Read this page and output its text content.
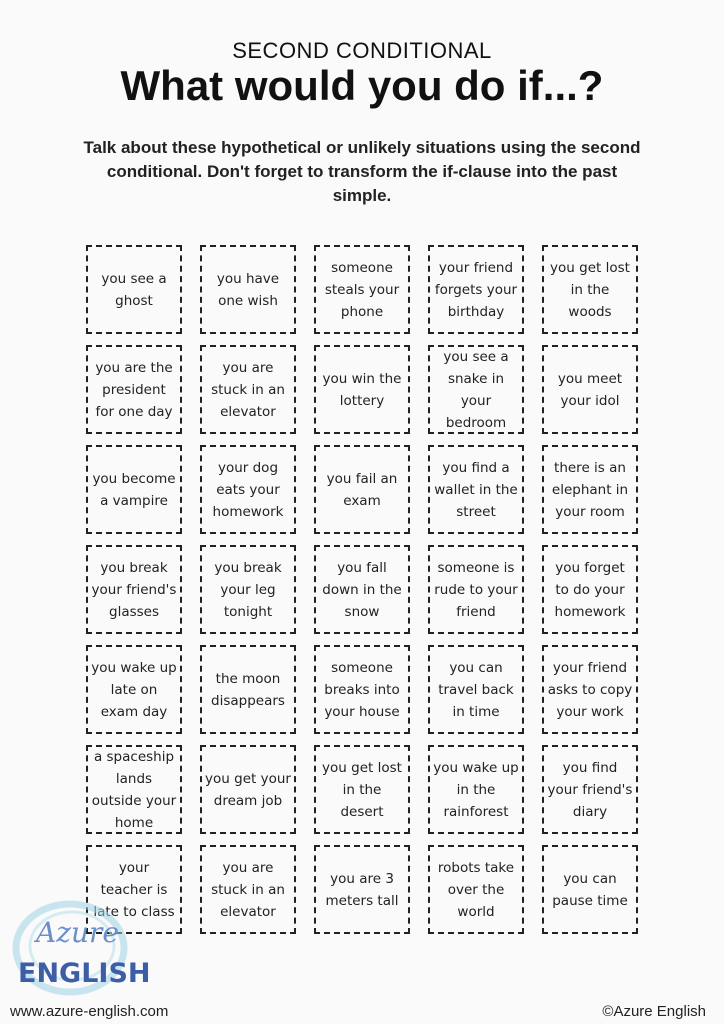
SECOND CONDITIONAL
What would you do if...?
Talk about these hypothetical or unlikely situations using the second conditional. Don't forget to transform the if-clause into the past simple.
you see a ghost
you have one wish
someone steals your phone
your friend forgets your birthday
you get lost in the woods
you are the president for one day
you are stuck in an elevator
you win the lottery
you see a snake in your bedroom
you meet your idol
you become a vampire
your dog eats your homework
you fail an exam
you find a wallet in the street
there is an elephant in your room
you break your friend's glasses
you break your leg tonight
you fall down in the snow
someone is rude to your friend
you forget to do your homework
you wake up late on exam day
the moon disappears
someone breaks into your house
you can travel back in time
your friend asks to copy your work
a spaceship lands outside your home
you get your dream job
you get lost in the desert
you wake up in the rainforest
you find your friend's diary
your teacher is late to class
you are stuck in an elevator
you are 3 meters tall
robots take over the world
you can pause time
Azure
ENGLISH
www.azure-english.com	©Azure English
